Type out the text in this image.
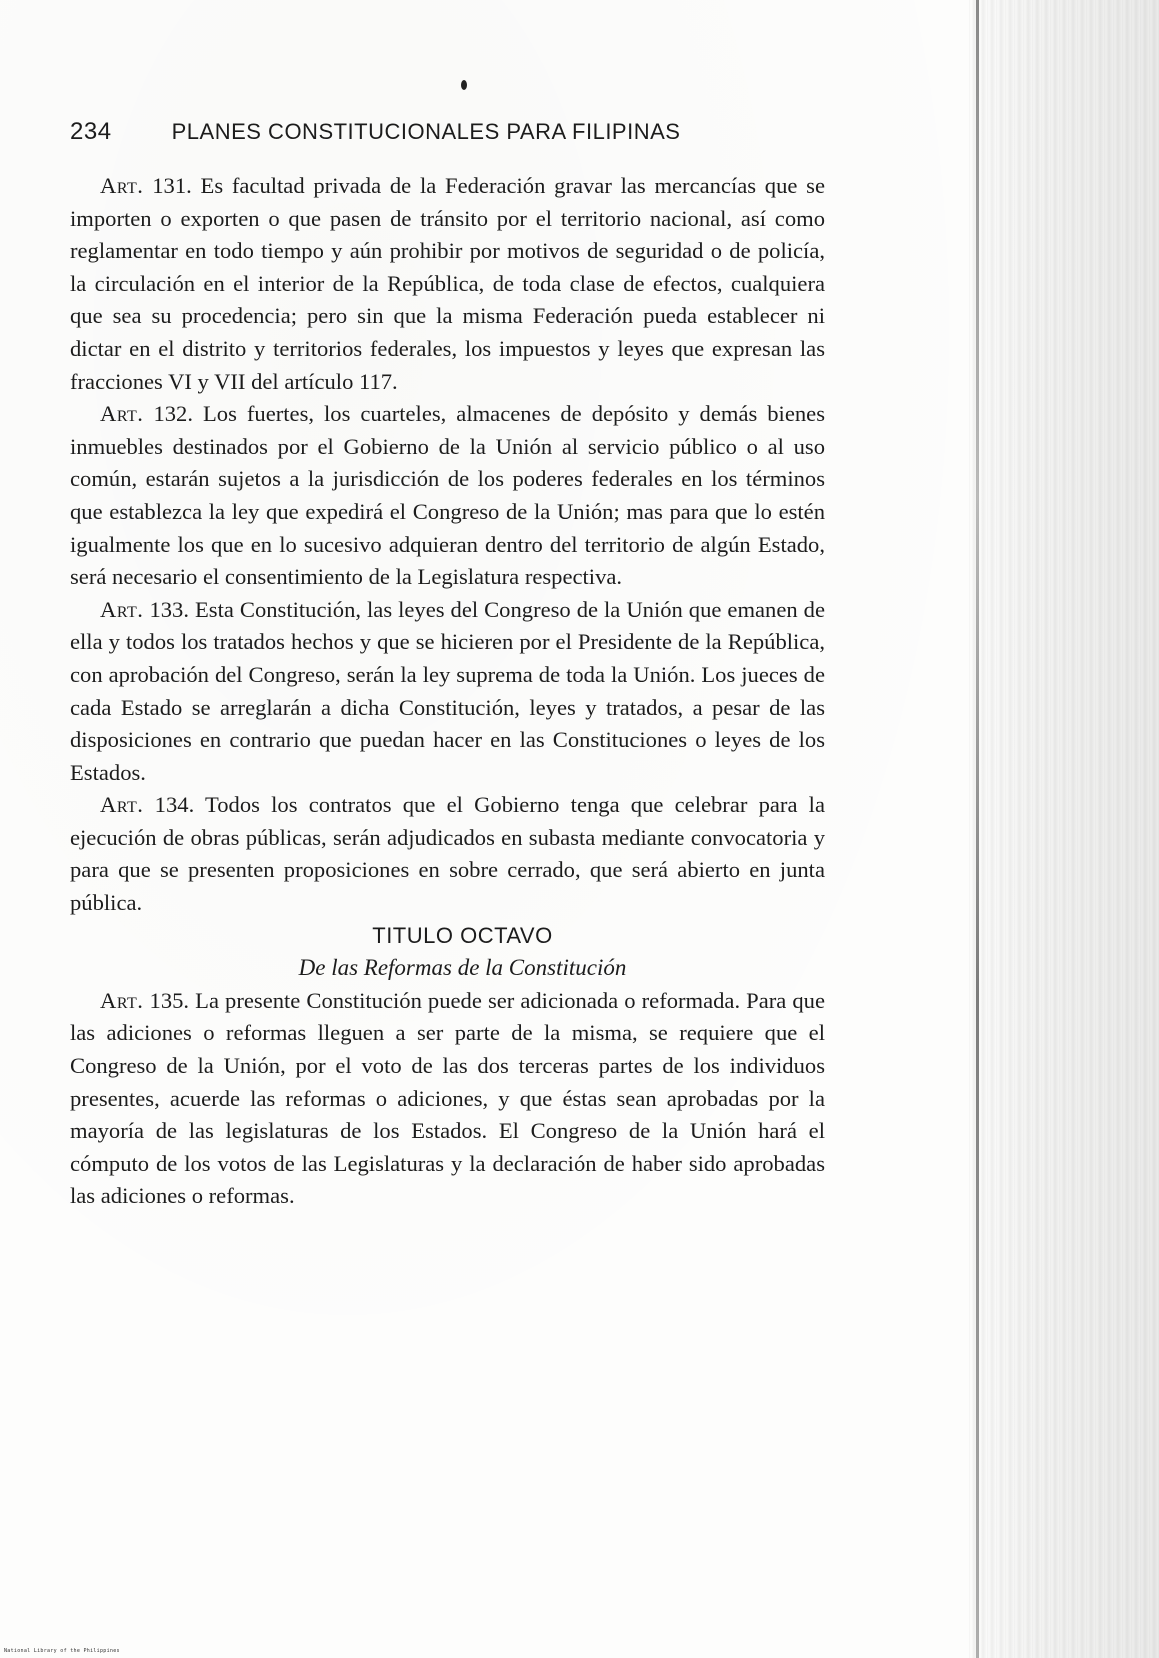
234	PLANES CONSTITUCIONALES PARA FILIPINAS

Art. 131. Es facultad privada de la Federación gravar las mercancías que se importen o exporten o que pasen de tránsito por el territorio nacional, así como reglamentar en todo tiempo y aún prohibir por motivos de seguridad o de policía, la circulación en el interior de la República, de toda clase de efectos, cualquiera que sea su procedencia; pero sin que la misma Federación pueda establecer ni dictar en el distrito y territorios federales, los impuestos y leyes que expresan las fracciones VI y VII del artículo 117.

Art. 132. Los fuertes, los cuarteles, almacenes de depósito y demás bienes inmuebles destinados por el Gobierno de la Unión al servicio público o al uso común, estarán sujetos a la jurisdicción de los poderes federales en los términos que establezca la ley que expedirá el Congreso de la Unión; mas para que lo estén igualmente los que en lo sucesivo adquieran dentro del territorio de algún Estado, será necesario el consentimiento de la Legislatura respectiva.

Art. 133. Esta Constitución, las leyes del Congreso de la Unión que emanen de ella y todos los tratados hechos y que se hicieren por el Presidente de la República, con aprobación del Congreso, serán la ley suprema de toda la Unión. Los jueces de cada Estado se arreglarán a dicha Constitución, leyes y tratados, a pesar de las disposiciones en contrario que puedan hacer en las Constituciones o leyes de los Estados.

Art. 134. Todos los contratos que el Gobierno tenga que celebrar para la ejecución de obras públicas, serán adjudicados en subasta mediante convocatoria y para que se presenten proposiciones en sobre cerrado, que será abierto en junta pública.

TITULO OCTAVO

De las Reformas de la Constitución

Art. 135. La presente Constitución puede ser adicionada o reformada. Para que las adiciones o reformas lleguen a ser parte de la misma, se requiere que el Congreso de la Unión, por el voto de las dos terceras partes de los individuos presentes, acuerde las reformas o adiciones, y que éstas sean aprobadas por la mayoría de las legislaturas de los Estados. El Congreso de la Unión hará el cómputo de los votos de las Legislaturas y la declaración de haber sido aprobadas las adiciones o reformas.

National Library of the Philippines
